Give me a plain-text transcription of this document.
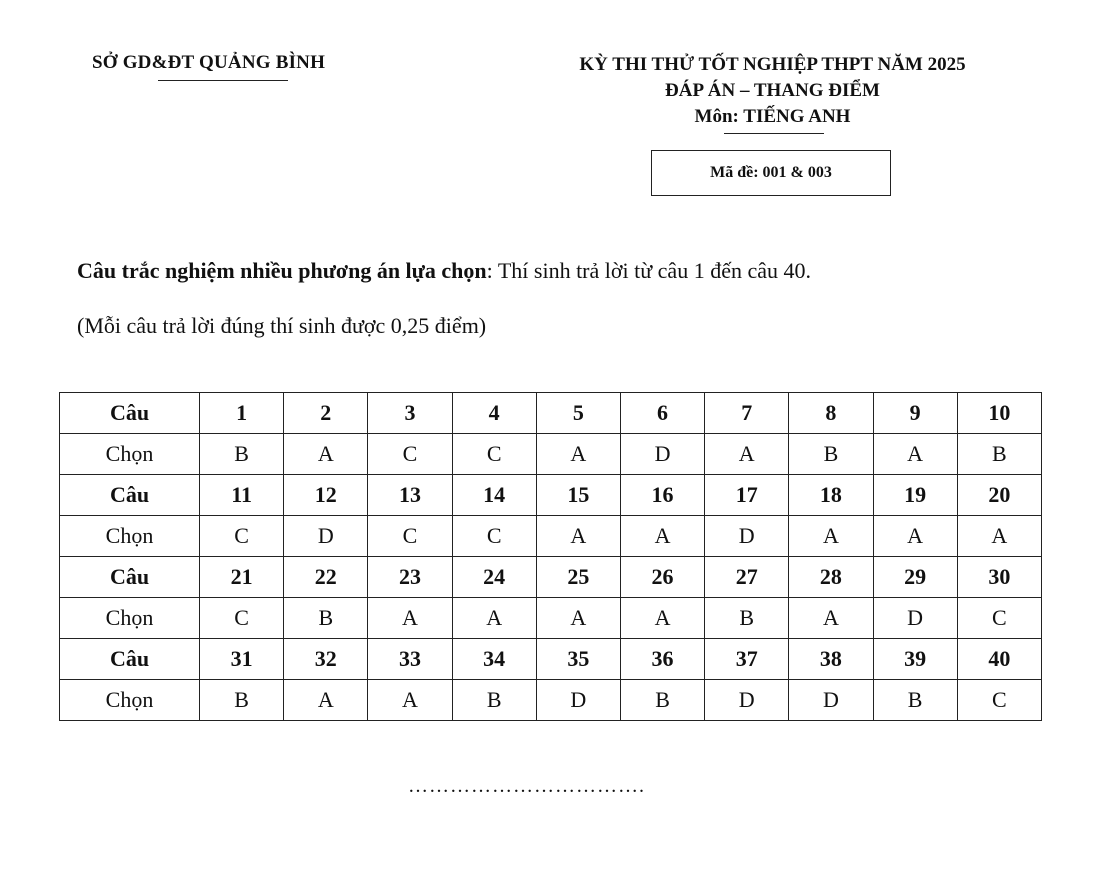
SỞ GD&ĐT QUẢNG BÌNH	KỲ THI THỬ TỐT NGHIỆP THPT NĂM 2025
ĐÁP ÁN – THANG ĐIỂM
Môn: TIẾNG ANH
Mã đề: 001 & 003
Câu trắc nghiệm nhiều phương án lựa chọn: Thí sinh trả lời từ câu 1 đến câu 40.
(Mỗi câu trả lời đúng thí sinh được 0,25 điểm)
Câu	1	2	3	4	5	6	7	8	9	10
Chọn	B	A	C	C	A	D	A	B	A	B
Câu	11	12	13	14	15	16	17	18	19	20
Chọn	C	D	C	C	A	A	D	A	A	A
Câu	21	22	23	24	25	26	27	28	29	30
Chọn	C	B	A	A	A	A	B	A	D	C
Câu	31	32	33	34	35	36	37	38	39	40
Chọn	B	A	A	B	D	B	D	D	B	C
…………………………….
